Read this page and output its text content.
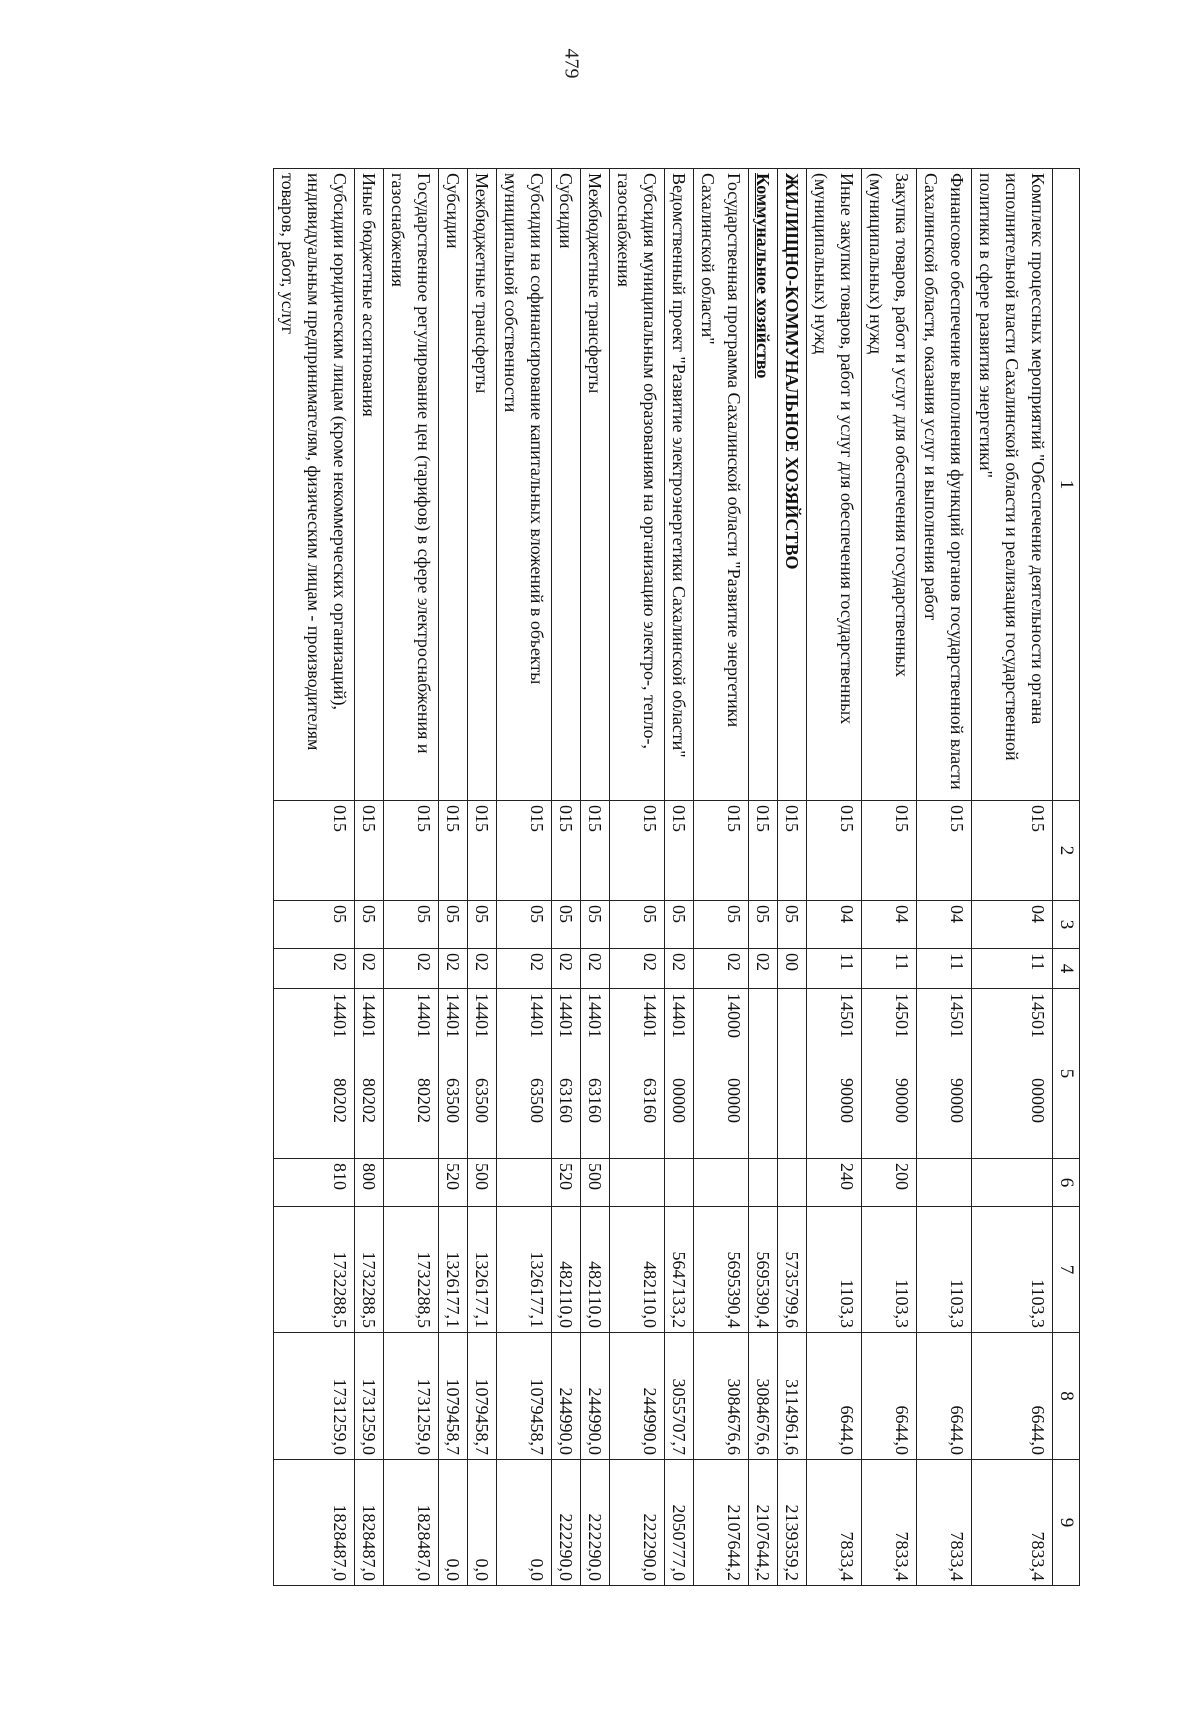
479
1	2	3	4	5	6	7	8	9
Комплекс процессных мероприятий "Обеспечение деятельности органа исполнительной власти Сахалинской области и реализация государственной политики в сфере развития энергетики"	015	04	11	1450100000		1103,3	6644,0	7833,4
Финансовое обеспечение выполнения функций органов государственной власти Сахалинской области, оказания услуг и выполнения работ	015	04	11	1450190000		1103,3	6644,0	7833,4
Закупка товаров, работ и услуг для обеспечения государственных (муниципальных) нужд	015	04	11	1450190000	200	1103,3	6644,0	7833,4
Иные закупки товаров, работ и услуг для обеспечения государственных (муниципальных) нужд	015	04	11	1450190000	240	1103,3	6644,0	7833,4
ЖИЛИЩНО-КОММУНАЛЬНОЕ ХОЗЯЙСТВО	015	05	00			5735799,6	3114961,6	2139359,2
Коммунальное хозяйство	015	05	02			5695390,4	3084676,6	2107644,2
Государственная программа Сахалинской области "Развитие энергетики Сахалинской области"	015	05	02	1400000000		5695390,4	3084676,6	2107644,2
Ведомственный проект "Развитие электроэнергетики Сахалинской области"	015	05	02	1440100000		5647133,2	3055707,7	2050777,0
Субсидия муниципальным образованиям на организацию электро-, тепло-, газоснабжения	015	05	02	1440163160		482110,0	244990,0	222290,0
Межбюджетные трансферты	015	05	02	1440163160	500	482110,0	244990,0	222290,0
Субсидии	015	05	02	1440163160	520	482110,0	244990,0	222290,0
Субсидии на софинансирование капитальных вложений в объекты муниципальной собственности	015	05	02	1440163500		1326177,1	1079458,7	0,0
Межбюджетные трансферты	015	05	02	1440163500	500	1326177,1	1079458,7	0,0
Субсидии	015	05	02	1440163500	520	1326177,1	1079458,7	0,0
Государственное регулирование цен (тарифов) в сфере электроснабжения и газоснабжения	015	05	02	1440180202		1732288,5	1731259,0	1828487,0
Иные бюджетные ассигнования	015	05	02	1440180202	800	1732288,5	1731259,0	1828487,0
Субсидии юридическим лицам (кроме некоммерческих организаций), индивидуальным предпринимателям, физическим лицам - производителям товаров, работ, услуг	015	05	02	1440180202	810	1732288,5	1731259,0	1828487,0
